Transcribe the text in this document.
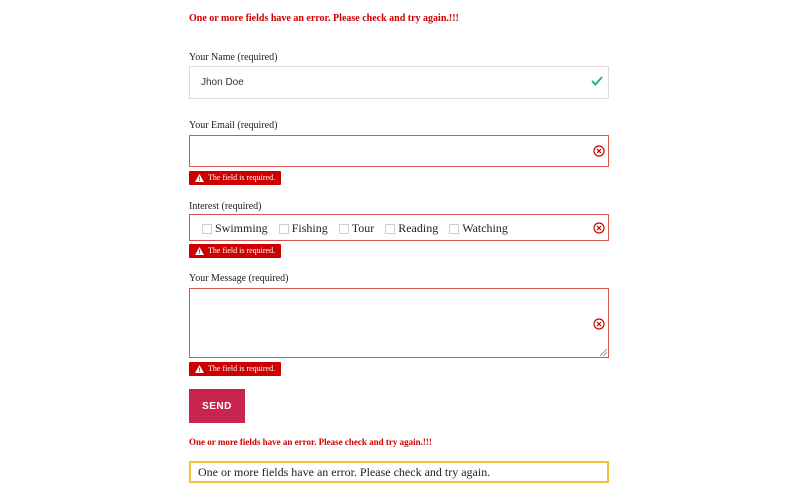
One or more fields have an error. Please check and try again.!!!
Your Name (required)
Jhon Doe
Your Email (required)
The field is required.
Interest (required)
Swimming Fishing Tour Reading Watching
The field is required.
Your Message (required)
The field is required.
SEND
One or more fields have an error. Please check and try again.!!!
One or more fields have an error. Please check and try again.
